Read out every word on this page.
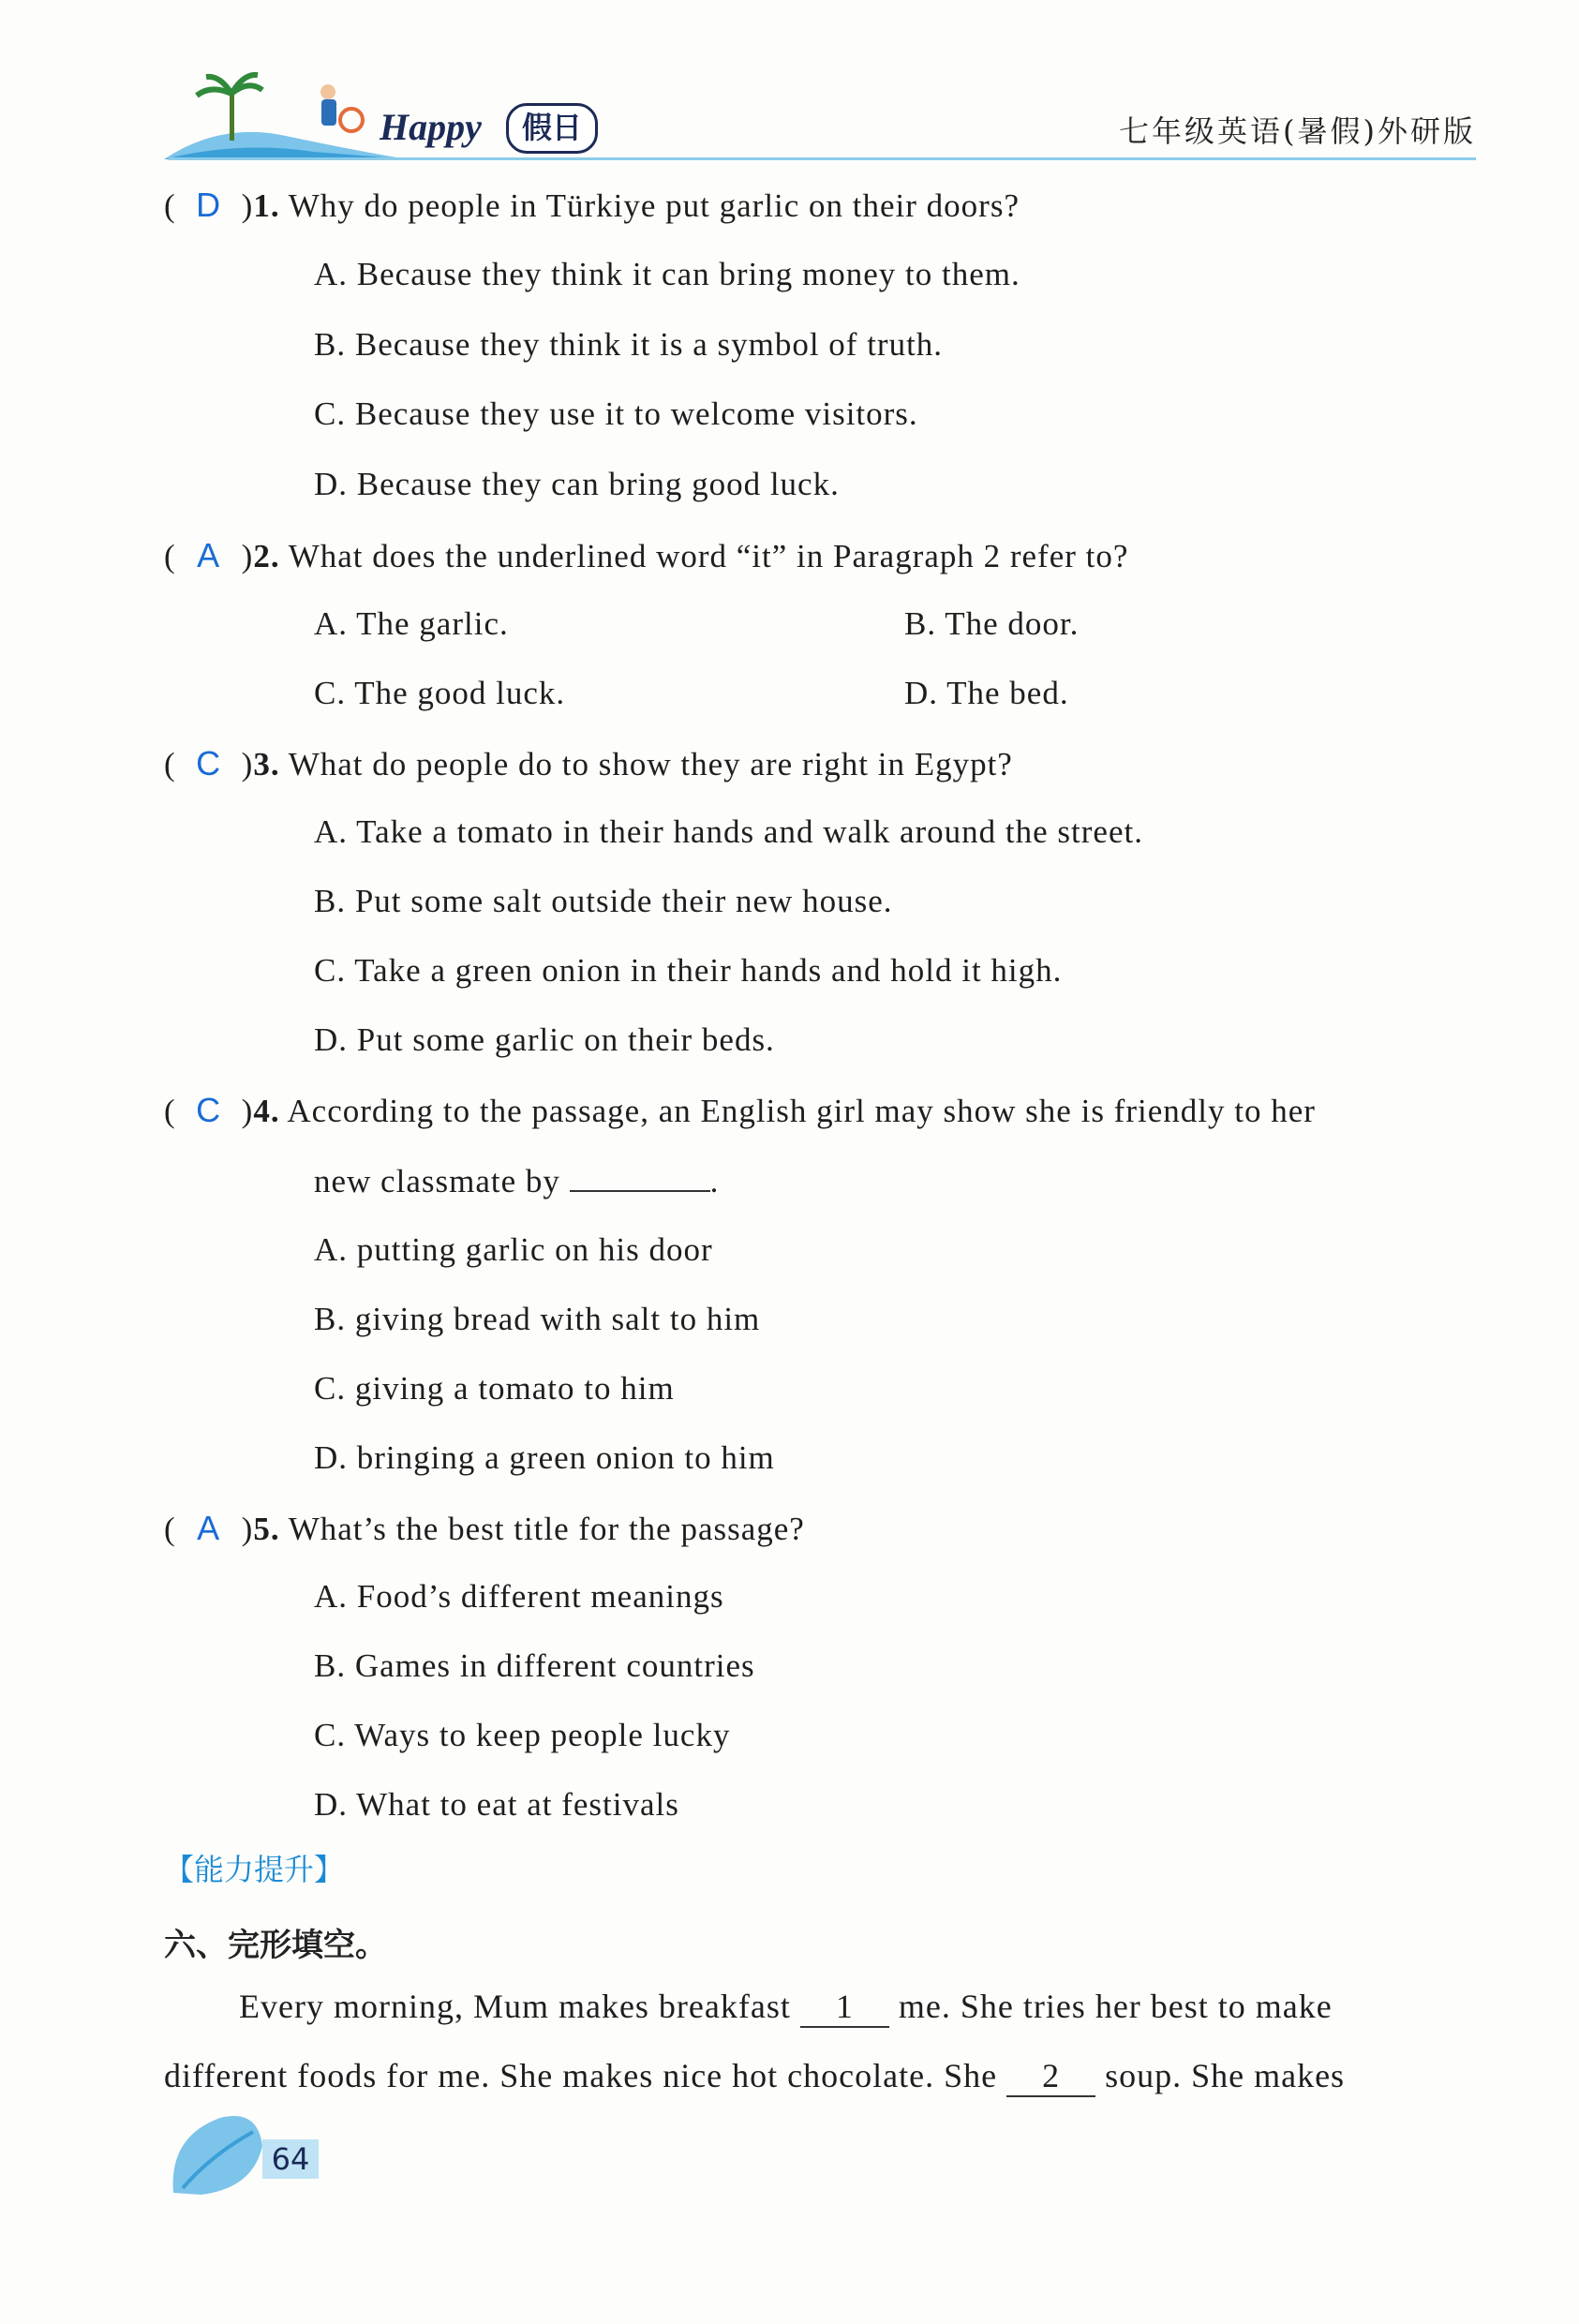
Happy	假日	七年级英语(暑假)外研版
( D )1. Why do people in Türkiye put garlic on their doors?
A. Because they think it can bring money to them.
B. Because they think it is a symbol of truth.
C. Because they use it to welcome visitors.
D. Because they can bring good luck.
( A )2. What does the underlined word “it” in Paragraph 2 refer to?
A. The garlic.	B. The door.
C. The good luck.	D. The bed.
( C )3. What do people do to show they are right in Egypt?
A. Take a tomato in their hands and walk around the street.
B. Put some salt outside their new house.
C. Take a green onion in their hands and hold it high.
D. Put some garlic on their beds.
( C )4. According to the passage, an English girl may show she is friendly to her
new classmate by	.
A. putting garlic on his door
B. giving bread with salt to him
C. giving a tomato to him
D. bringing a green onion to him
( A )5. What’s the best title for the passage?
A. Food’s different meanings
B. Games in different countries
C. Ways to keep people lucky
D. What to eat at festivals
【能力提升】
六、完形填空。
Every morning, Mum makes breakfast 1 me. She tries her best to make
different foods for me. She makes nice hot chocolate. She 2 soup. She makes
64
